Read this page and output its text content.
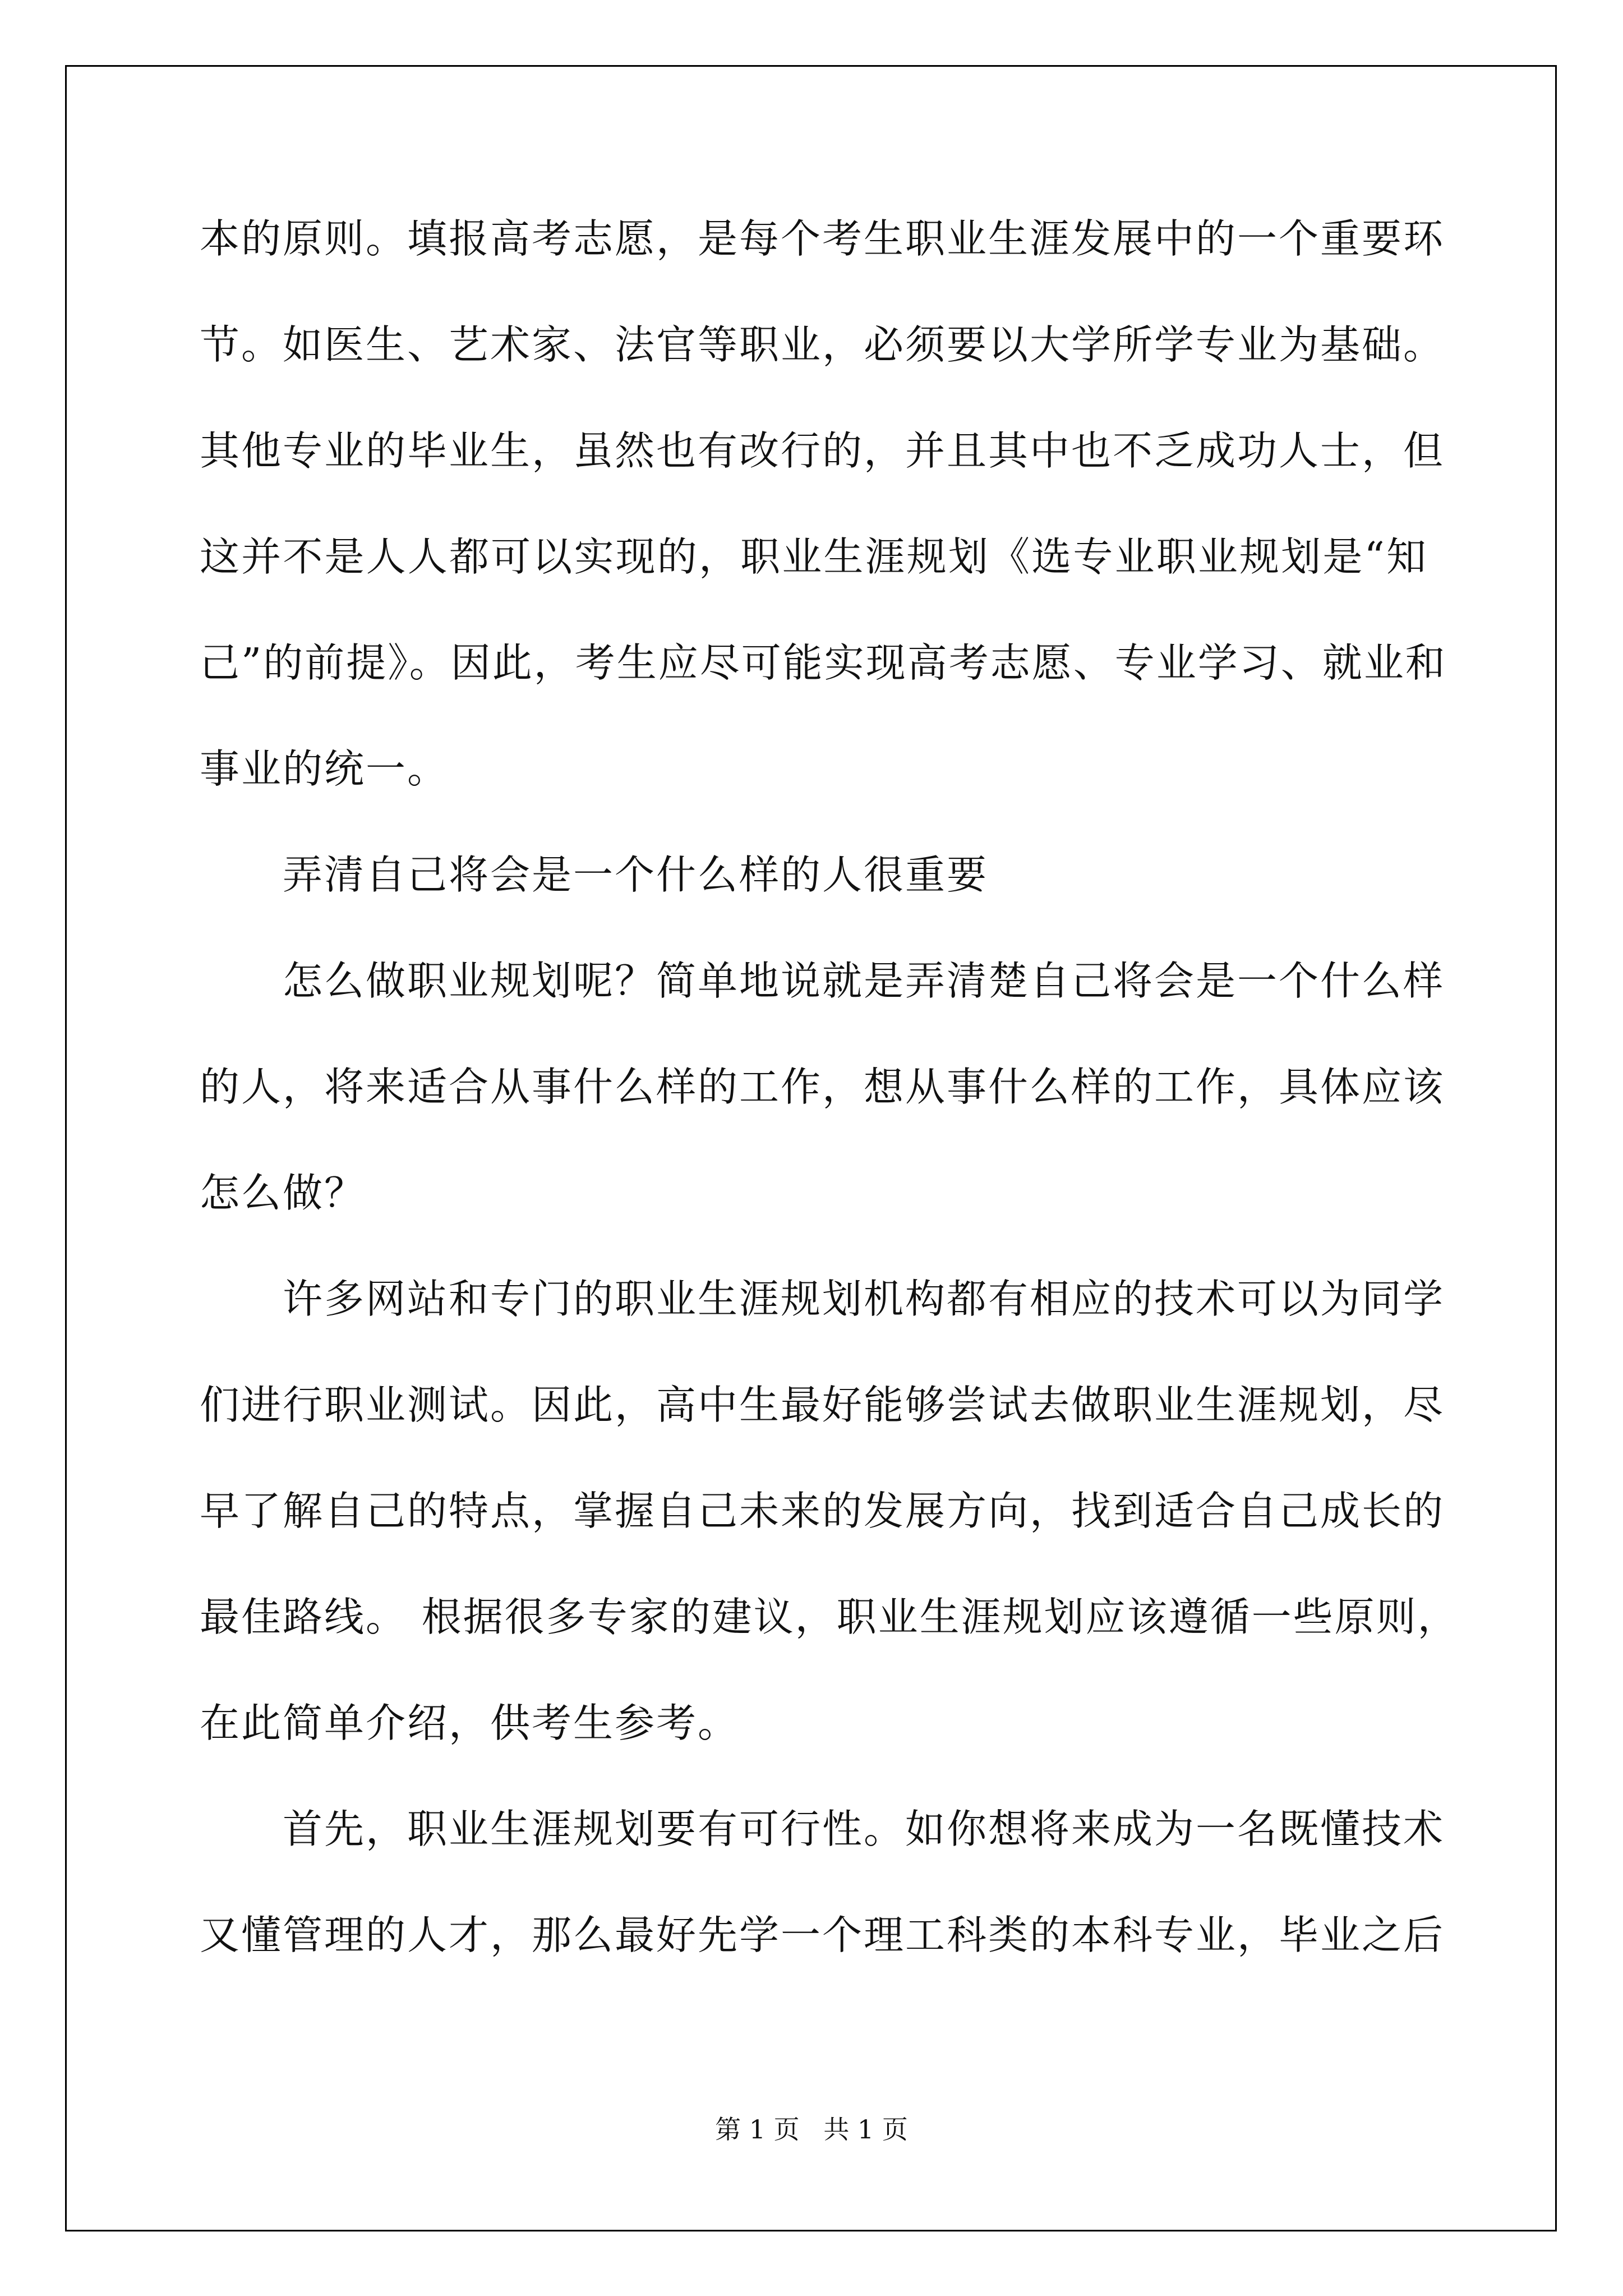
本的原则。填报高考志愿，是每个考生职业生涯发展中的一个重要环
节。如医生、艺术家、法官等职业，必须要以大学所学专业为基础。
其他专业的毕业生，虽然也有改行的，并且其中也不乏成功人士，但
这并不是人人都可以实现的，职业生涯规划《选专业职业规划是“知
己”的前提》。因此，考生应尽可能实现高考志愿、专业学习、就业和
事业的统一。
弄清自己将会是一个什么样的人很重要
怎么做职业规划呢？简单地说就是弄清楚自己将会是一个什么样
的人，将来适合从事什么样的工作，想从事什么样的工作，具体应该
怎么做？
许多网站和专门的职业生涯规划机构都有相应的技术可以为同学
们进行职业测试。因此，高中生最好能够尝试去做职业生涯规划，尽
早了解自己的特点，掌握自己未来的发展方向，找到适合自己成长的
最佳路线。 根据很多专家的建议，职业生涯规划应该遵循一些原则，
在此简单介绍，供考生参考。
首先，职业生涯规划要有可行性。如你想将来成为一名既懂技术
又懂管理的人才，那么最好先学一个理工科类的本科专业，毕业之后
第 1 页 共 1 页
